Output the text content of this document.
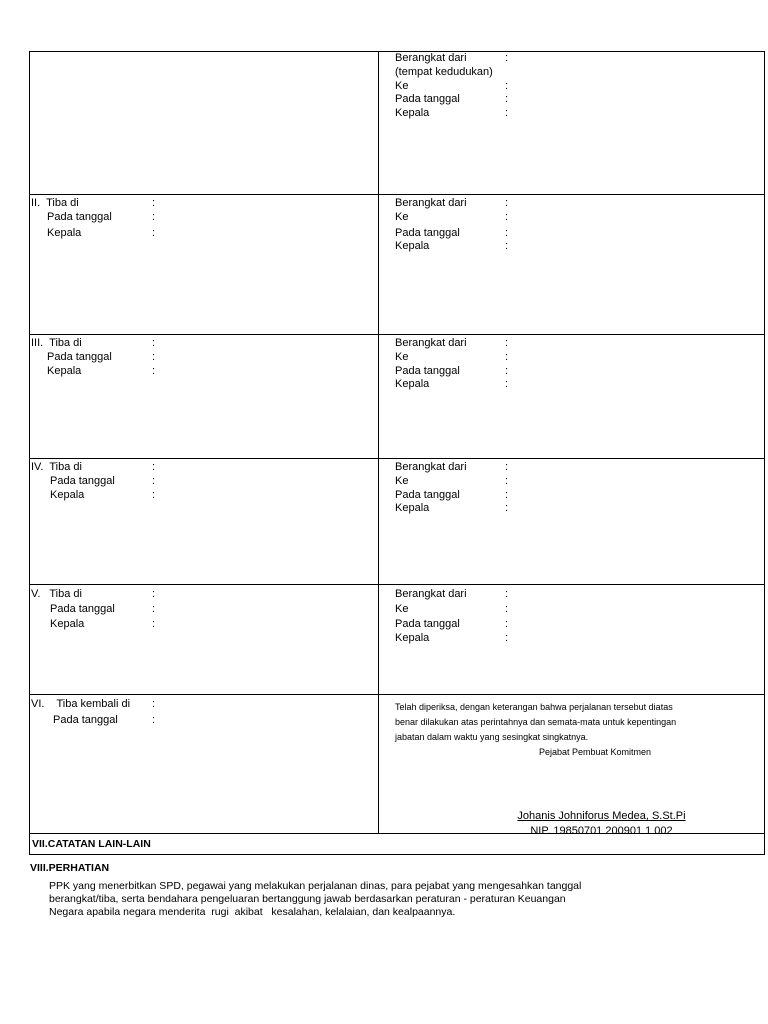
Berangkat dari	:
(tempat kedudukan)
Ke	:
Pada tanggal	:
Kepala	:
II.  Tiba di	:
Pada tanggal	:
Kepala	:
Berangkat dari	:
Ke	:
Pada tanggal	:
Kepala	:
III.  Tiba di	:
Pada tanggal	:
Kepala	:
Berangkat dari	:
Ke	:
Pada tanggal	:
Kepala	:
IV.  Tiba di	:
Pada tanggal	:
Kepala	:
Berangkat dari	:
Ke	:
Pada tanggal	:
Kepala	:
V.   Tiba di	:
Pada tanggal	:
Kepala	:
Berangkat dari	:
Ke	:
Pada tanggal	:
Kepala	:
VI.    Tiba kembali di :
Pada tanggal	:
Telah diperiksa, dengan keterangan bahwa perjalanan tersebut diatas
benar dilakukan atas perintahnya dan semata-mata untuk kepentingan
jabatan dalam waktu yang sesingkat singkatnya.
Pejabat Pembuat Komitmen
Johanis Johniforus Medea, S.St.Pi
NIP. 19850701 200901 1 002
VII.CATATAN LAIN-LAIN
VIII.PERHATIAN
PPK yang menerbitkan SPD, pegawai yang melakukan perjalanan dinas, para pejabat yang mengesahkan tanggal
berangkat/tiba, serta bendahara pengeluaran bertanggung jawab berdasarkan peraturan - peraturan Keuangan
Negara apabila negara menderita  rugi  akibat   kesalahan, kelalaian, dan kealpaannya.
